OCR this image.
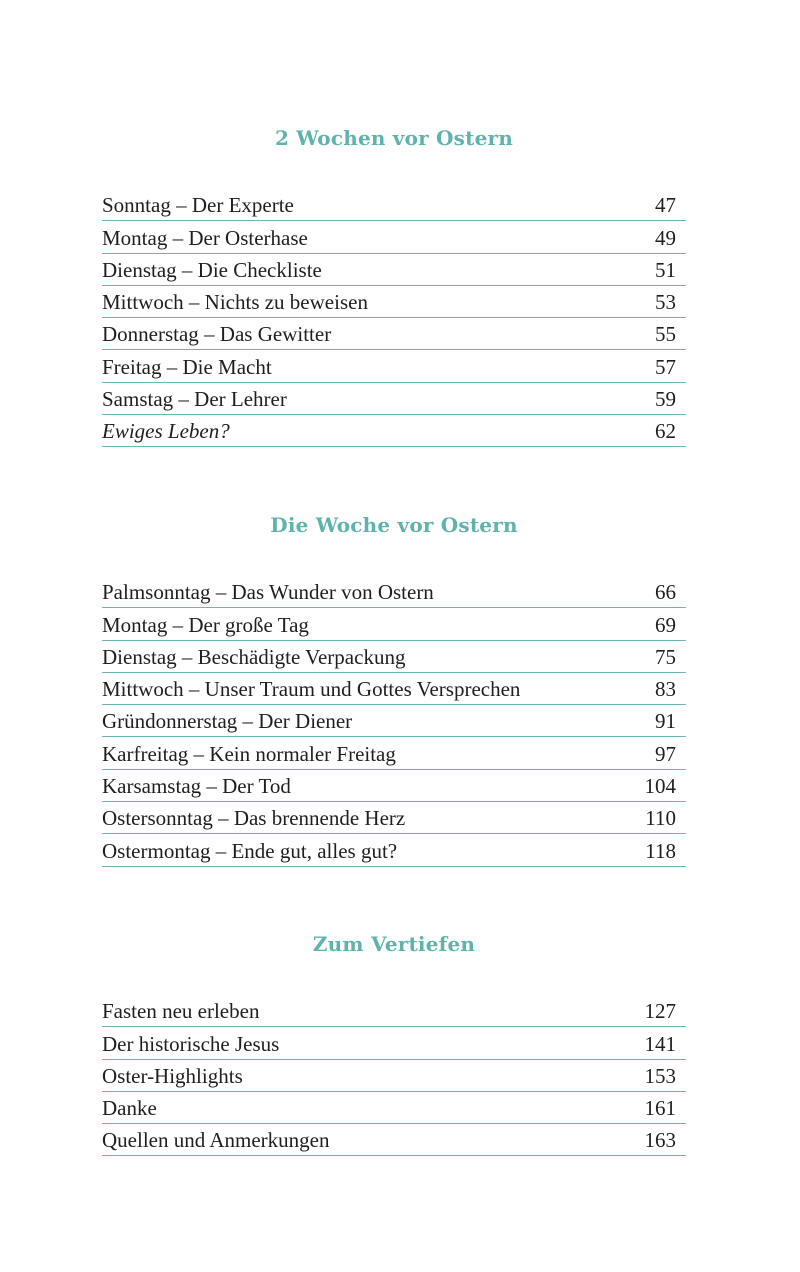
2 Wochen vor Ostern
Sonntag – Der Experte	47
Montag – Der Osterhase	49
Dienstag – Die Checkliste	51
Mittwoch – Nichts zu beweisen	53
Donnerstag – Das Gewitter	55
Freitag – Die Macht	57
Samstag – Der Lehrer	59
Ewiges Leben?	62
Die Woche vor Ostern
Palmsonntag – Das Wunder von Ostern	66
Montag – Der große Tag	69
Dienstag – Beschädigte Verpackung	75
Mittwoch – Unser Traum und Gottes Versprechen	83
Gründonnerstag – Der Diener	91
Karfreitag – Kein normaler Freitag	97
Karsamstag – Der Tod	104
Ostersonntag – Das brennende Herz	110
Ostermontag – Ende gut, alles gut?	118
Zum Vertiefen
Fasten neu erleben	127
Der historische Jesus	141
Oster-Highlights	153
Danke	161
Quellen und Anmerkungen	163
